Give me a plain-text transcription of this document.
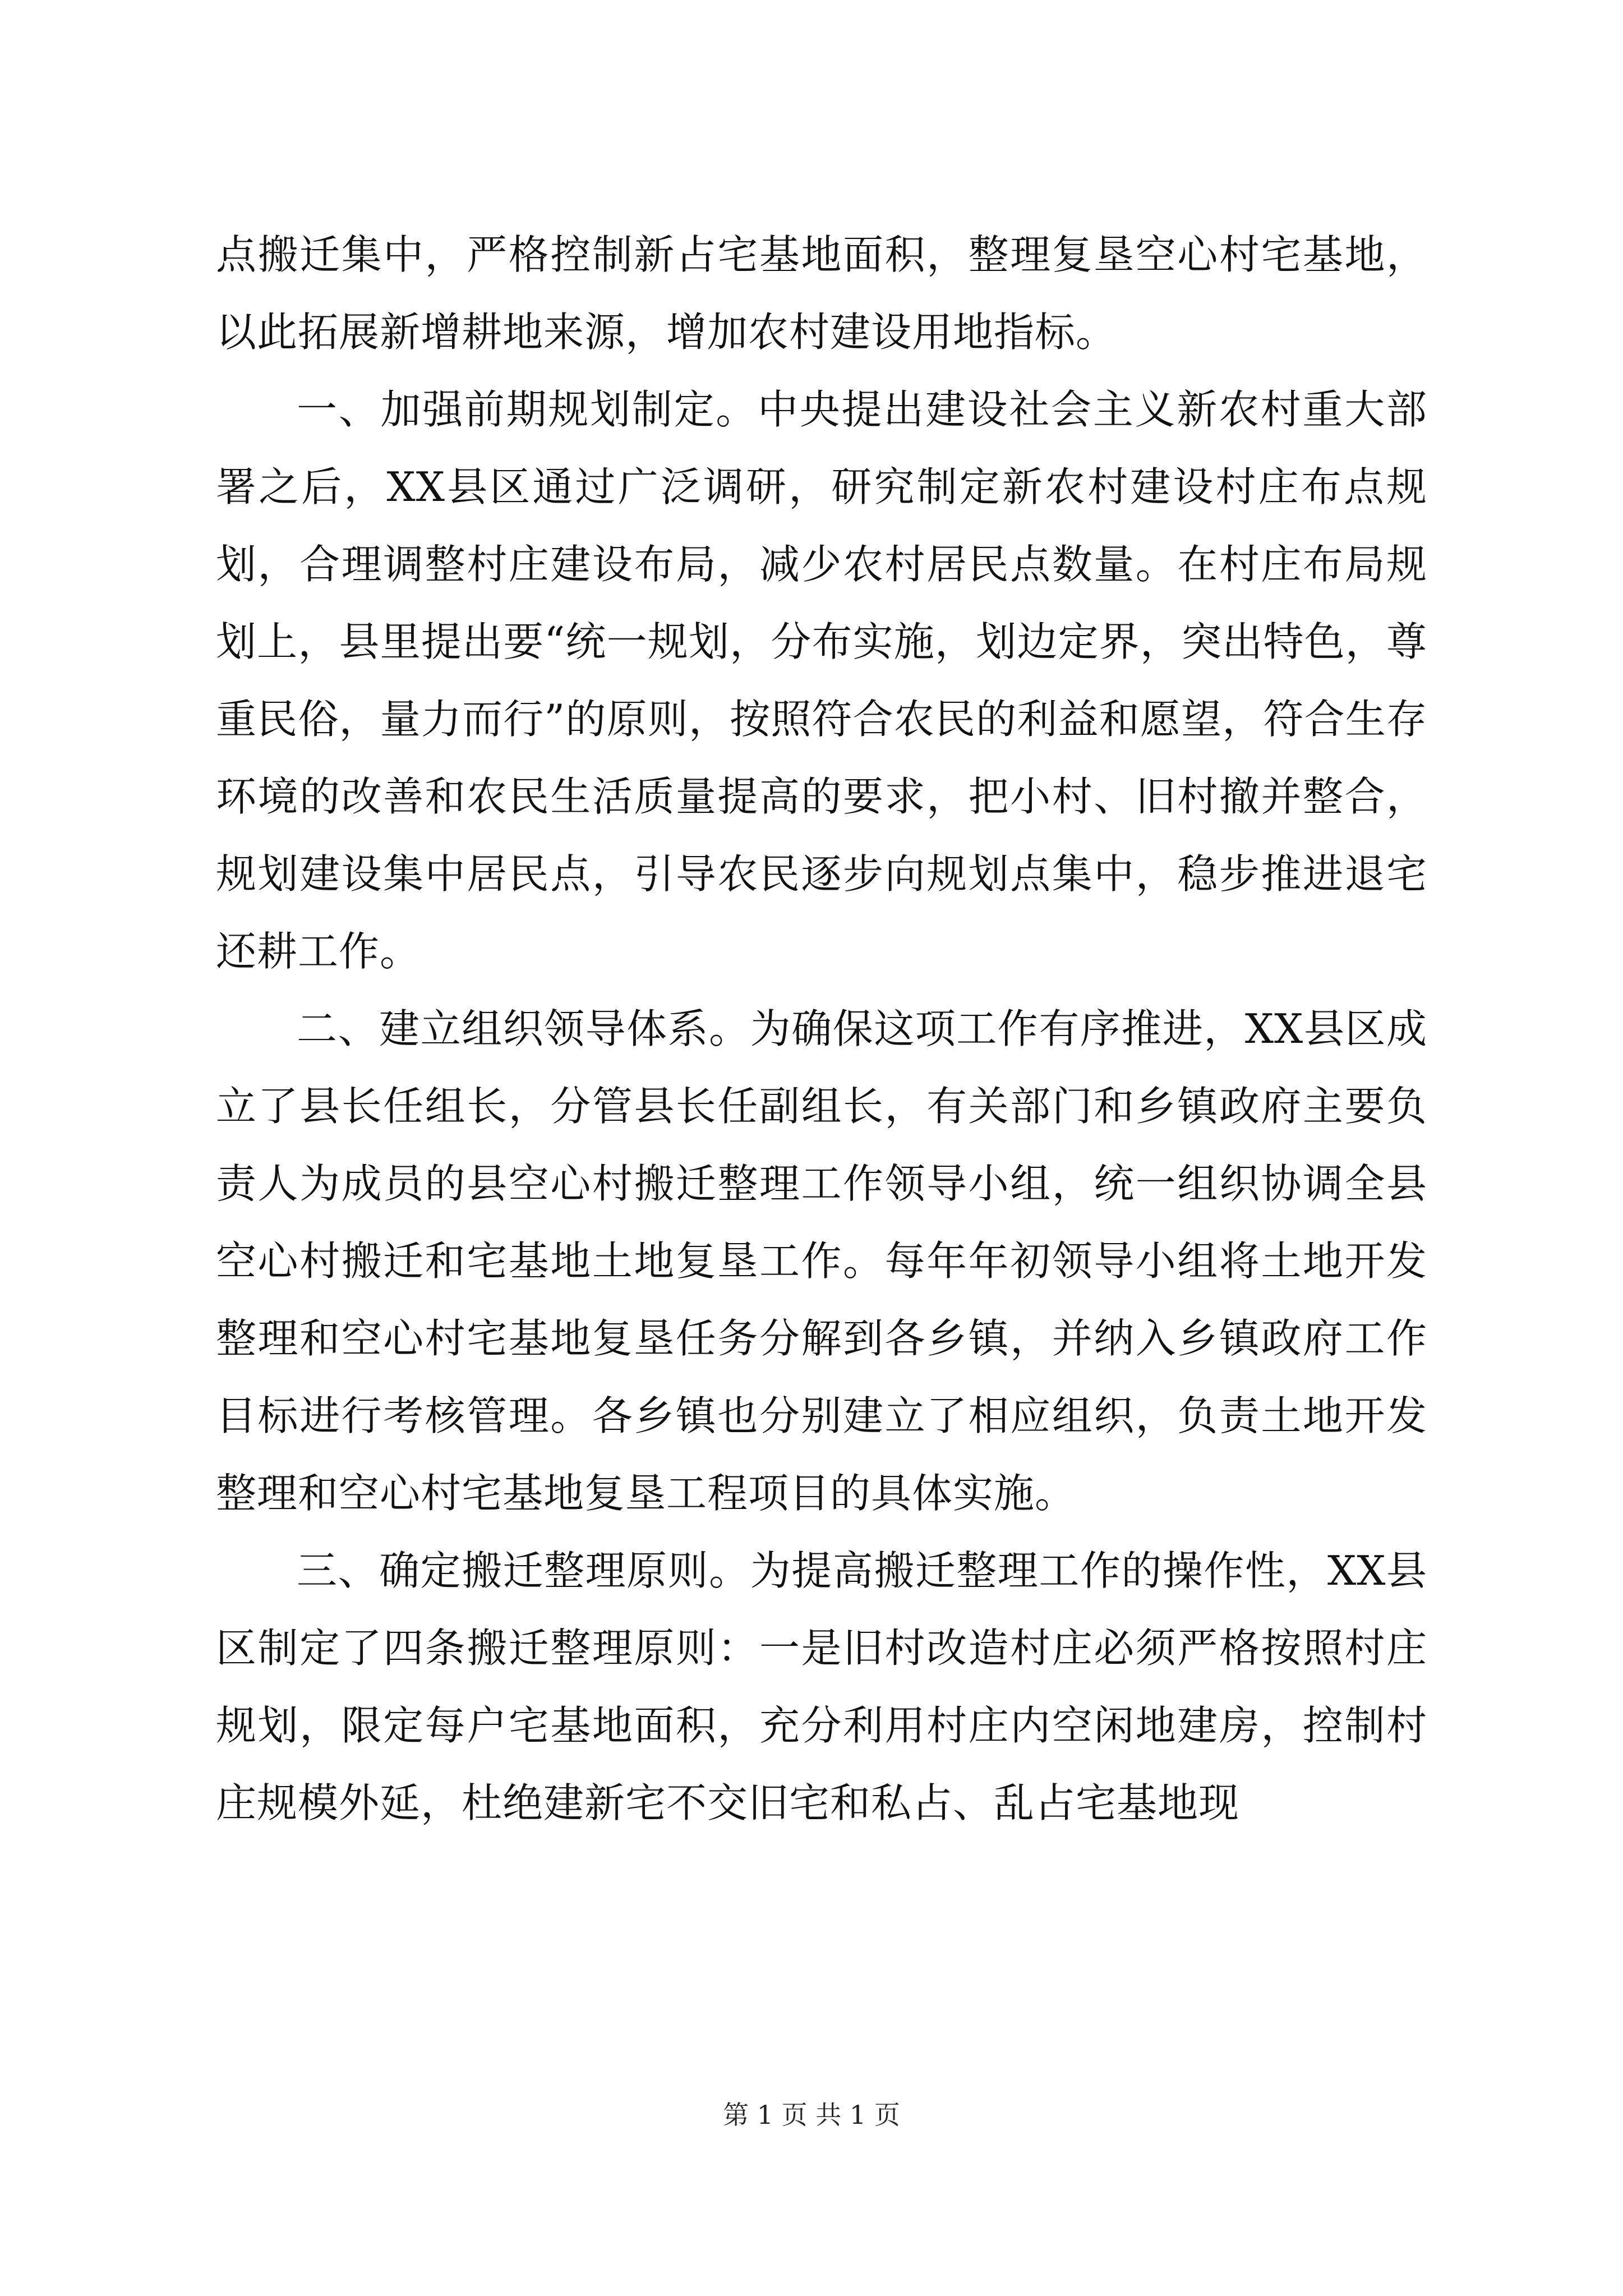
点搬迁集中，严格控制新占宅基地面积，整理复垦空心村宅基地，以此拓展新增耕地来源，增加农村建设用地指标。

一、加强前期规划制定。中央提出建设社会主义新农村重大部署之后，XX县区通过广泛调研，研究制定新农村建设村庄布点规划，合理调整村庄建设布局，减少农村居民点数量。在村庄布局规划上，县里提出要“统一规划，分布实施，划边定界，突出特色，尊重民俗，量力而行”的原则，按照符合农民的利益和愿望，符合生存环境的改善和农民生活质量提高的要求，把小村、旧村撤并整合，规划建设集中居民点，引导农民逐步向规划点集中，稳步推进退宅还耕工作。

二、建立组织领导体系。为确保这项工作有序推进，XX县区成立了县长任组长，分管县长任副组长，有关部门和乡镇政府主要负责人为成员的县空心村搬迁整理工作领导小组，统一组织协调全县空心村搬迁和宅基地土地复垦工作。每年年初领导小组将土地开发整理和空心村宅基地复垦任务分解到各乡镇，并纳入乡镇政府工作目标进行考核管理。各乡镇也分别建立了相应组织，负责土地开发整理和空心村宅基地复垦工程项目的具体实施。

三、确定搬迁整理原则。为提高搬迁整理工作的操作性，XX县区制定了四条搬迁整理原则：一是旧村改造村庄必须严格按照村庄规划，限定每户宅基地面积，充分利用村庄内空闲地建房，控制村庄规模外延，杜绝建新宅不交旧宅和私占、乱占宅基地现

第 1 页 共 1 页
